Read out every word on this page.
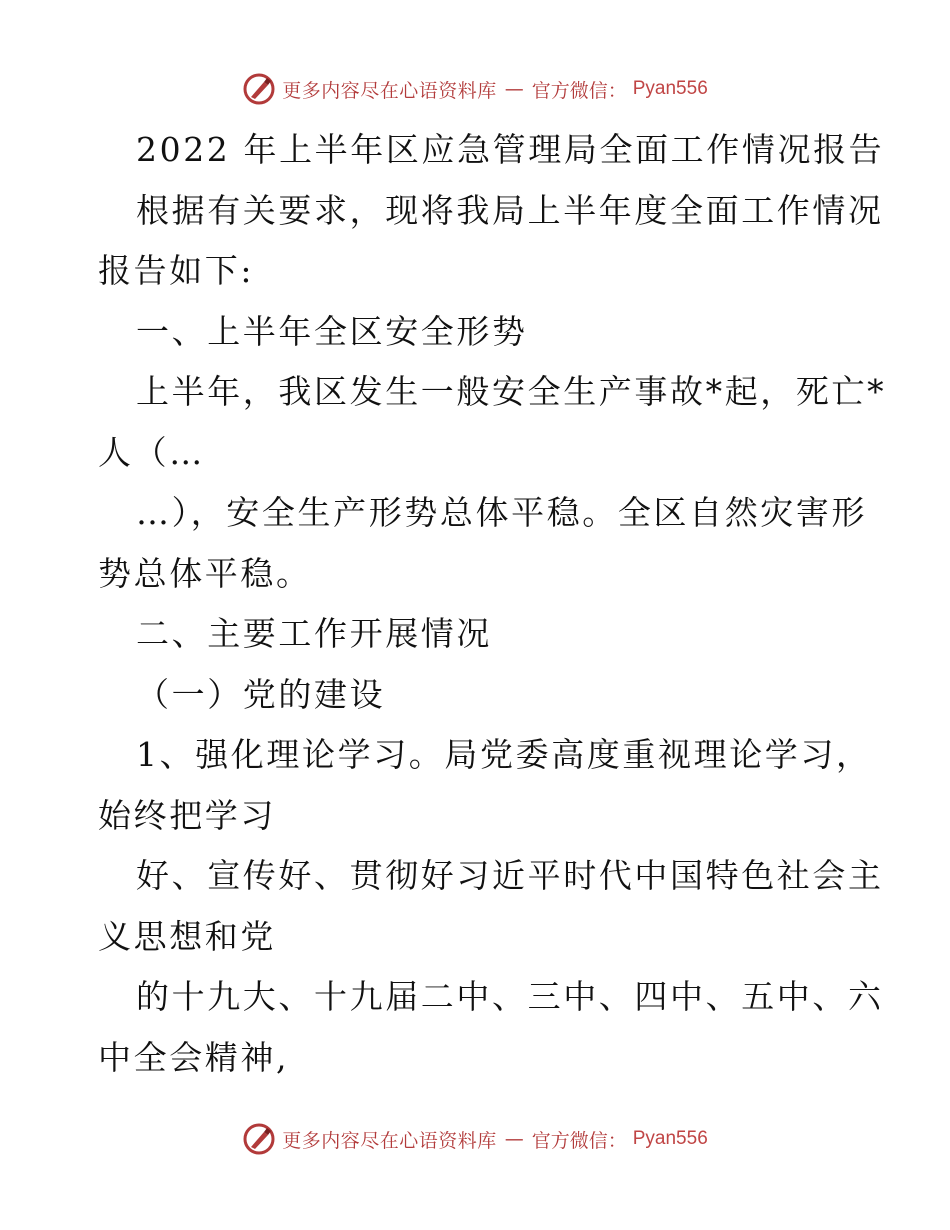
更多内容尽在心语资料库 — 官方微信： Pyan556
2022 年上半年区应急管理局全面工作情况报告
根据有关要求，现将我局上半年度全面工作情况
报告如下:
一、上半年全区安全形势
上半年，我区发生一般安全生产事故*起，死亡*
人（…
…），安全生产形势总体平稳。全区自然灾害形
势总体平稳。
二、主要工作开展情况
（一）党的建设
1、强化理论学习。局党委高度重视理论学习，
始终把学习
好、宣传好、贯彻好习近平时代中国特色社会主
义思想和党
的十九大、十九届二中、三中、四中、五中、六
中全会精神,
更多内容尽在心语资料库 — 官方微信： Pyan556
